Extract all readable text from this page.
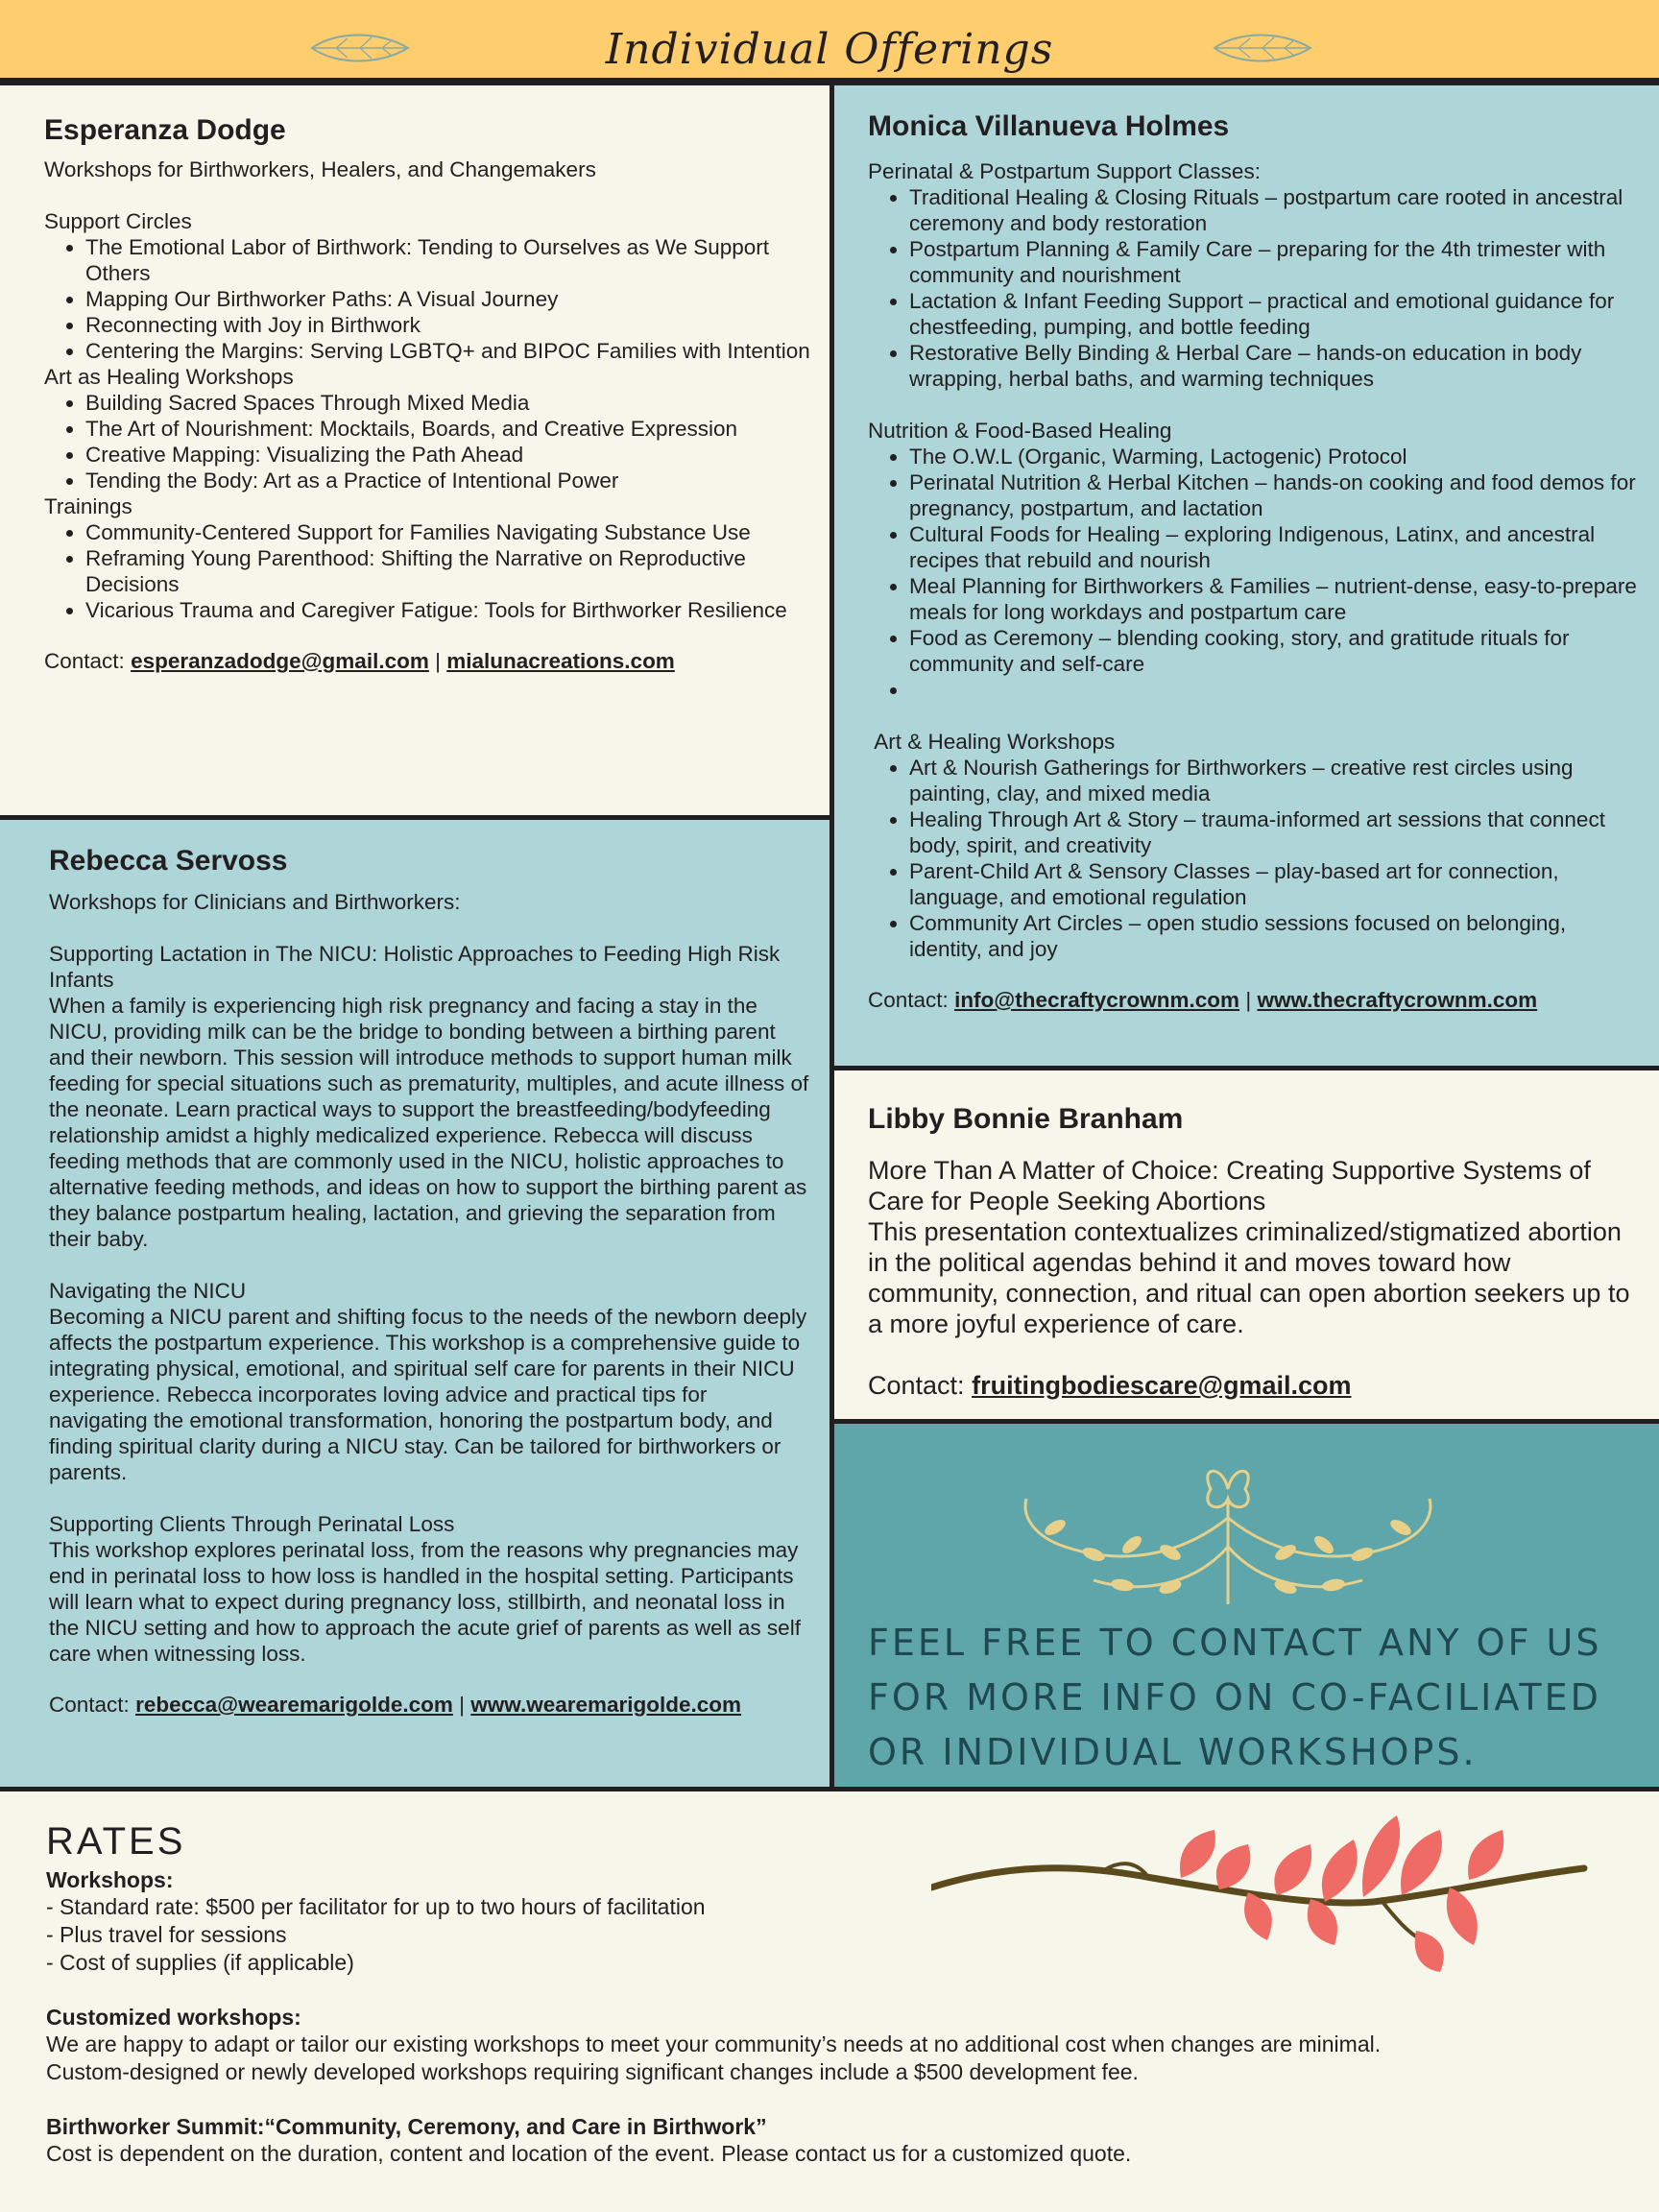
Individual Offerings
Esperanza Dodge
Workshops for Birthworkers, Healers, and Changemakers
Support Circles
• The Emotional Labor of Birthwork: Tending to Ourselves as We Support Others
• Mapping Our Birthworker Paths: A Visual Journey
• Reconnecting with Joy in Birthwork
• Centering the Margins: Serving LGBTQ+ and BIPOC Families with Intention
Art as Healing Workshops
• Building Sacred Spaces Through Mixed Media
• The Art of Nourishment: Mocktails, Boards, and Creative Expression
• Creative Mapping: Visualizing the Path Ahead
• Tending the Body: Art as a Practice of Intentional Power
Trainings
• Community-Centered Support for Families Navigating Substance Use
• Reframing Young Parenthood: Shifting the Narrative on Reproductive Decisions
• Vicarious Trauma and Caregiver Fatigue: Tools for Birthworker Resilience
Contact: esperanzadodge@gmail.com | mialunacreations.com
Monica Villanueva Holmes
Perinatal & Postpartum Support Classes:
• Traditional Healing & Closing Rituals – postpartum care rooted in ancestral ceremony and body restoration
• Postpartum Planning & Family Care – preparing for the 4th trimester with community and nourishment
• Lactation & Infant Feeding Support – practical and emotional guidance for chestfeeding, pumping, and bottle feeding
• Restorative Belly Binding & Herbal Care – hands-on education in body wrapping, herbal baths, and warming techniques
Nutrition & Food-Based Healing
• The O.W.L (Organic, Warming, Lactogenic) Protocol
• Perinatal Nutrition & Herbal Kitchen – hands-on cooking and food demos for pregnancy, postpartum, and lactation
• Cultural Foods for Healing – exploring Indigenous, Latinx, and ancestral recipes that rebuild and nourish
• Meal Planning for Birthworkers & Families – nutrient-dense, easy-to-prepare meals for long workdays and postpartum care
• Food as Ceremony – blending cooking, story, and gratitude rituals for community and self-care
•
Art & Healing Workshops
• Art & Nourish Gatherings for Birthworkers – creative rest circles using painting, clay, and mixed media
• Healing Through Art & Story – trauma-informed art sessions that connect body, spirit, and creativity
• Parent-Child Art & Sensory Classes – play-based art for connection, language, and emotional regulation
• Community Art Circles – open studio sessions focused on belonging, identity, and joy
Contact: info@thecraftycrownm.com | www.thecraftycrownm.com
Rebecca Servoss
Workshops for Clinicians and Birthworkers:
Supporting Lactation in The NICU: Holistic Approaches to Feeding High Risk Infants
When a family is experiencing high risk pregnancy and facing a stay in the NICU, providing milk can be the bridge to bonding between a birthing parent and their newborn. This session will introduce methods to support human milk feeding for special situations such as prematurity, multiples, and acute illness of the neonate. Learn practical ways to support the breastfeeding/bodyfeeding relationship amidst a highly medicalized experience. Rebecca will discuss feeding methods that are commonly used in the NICU, holistic approaches to alternative feeding methods, and ideas on how to support the birthing parent as they balance postpartum healing, lactation, and grieving the separation from their baby.
Navigating the NICU
Becoming a NICU parent and shifting focus to the needs of the newborn deeply affects the postpartum experience. This workshop is a comprehensive guide to integrating physical, emotional, and spiritual self care for parents in their NICU experience. Rebecca incorporates loving advice and practical tips for navigating the emotional transformation, honoring the postpartum body, and finding spiritual clarity during a NICU stay. Can be tailored for birthworkers or parents.
Supporting Clients Through Perinatal Loss
This workshop explores perinatal loss, from the reasons why pregnancies may end in perinatal loss to how loss is handled in the hospital setting. Participants will learn what to expect during pregnancy loss, stillbirth, and neonatal loss in the NICU setting and how to approach the acute grief of parents as well as self care when witnessing loss.
Contact: rebecca@wearemarigolde.com | www.wearemarigolde.com
Libby Bonnie Branham
More Than A Matter of Choice: Creating Supportive Systems of Care for People Seeking Abortions
This presentation contextualizes criminalized/stigmatized abortion in the political agendas behind it and moves toward how community, connection, and ritual can open abortion seekers up to a more joyful experience of care.
Contact: fruitingbodiescare@gmail.com
FEEL FREE TO CONTACT ANY OF US FOR MORE INFO ON CO-FACILIATED OR INDIVIDUAL WORKSHOPS.
RATES
Workshops:
- Standard rate: $500 per facilitator for up to two hours of facilitation
- Plus travel for sessions
- Cost of supplies (if applicable)
Customized workshops:
We are happy to adapt or tailor our existing workshops to meet your community’s needs at no additional cost when changes are minimal.
Custom-designed or newly developed workshops requiring significant changes include a $500 development fee.
Birthworker Summit:“Community, Ceremony, and Care in Birthwork”
Cost is dependent on the duration, content and location of the event. Please contact us for a customized quote.
